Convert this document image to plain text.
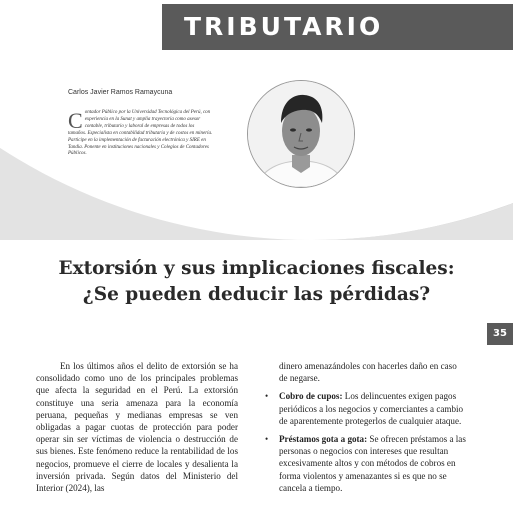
TRIBUTARIO
Carlos Javier Ramos Ramaycuna
Contador Público por la Universidad Tecnológica del Perú, con experiencia en la Sunat y amplia trayectoria como asesor contable, tributario y laboral de empresas de todos los tamaños. Especialista en contabilidad tributaria y de costos en minería. Participe en la implementación de facturación electrónica y SIRE en Tandia. Ponente en instituciones nacionales y Colegios de Contadores Públicos.
Extorsión y sus implicaciones fiscales:
¿Se pueden deducir las pérdidas?
35
En los últimos años el delito de extorsión se ha consolidado como uno de los principales problemas que afecta la seguridad en el Perú. La extorsión constituye una seria amenaza para la economía peruana, pequeñas y medianas empresas se ven obligadas a pagar cuotas de protección para poder operar sin ser víctimas de violencia o destrucción de sus bienes. Este fenómeno reduce la rentabilidad de los negocios, promueve el cierre de locales y desalienta la inversión privada. Según datos del Ministerio del Interior (2024), las

dinero amenazándoles con hacerles daño en caso de negarse.

• Cobro de cupos: Los delincuentes exigen pagos periódicos a los negocios y comerciantes a cambio de aparentemente protegerlos de cualquier ataque.
• Préstamos gota a gota: Se ofrecen préstamos a las personas o negocios con intereses que resultan excesivamente altos y con métodos de cobros en forma violentos y amenazantes si es que no se cancela a tiempo.
